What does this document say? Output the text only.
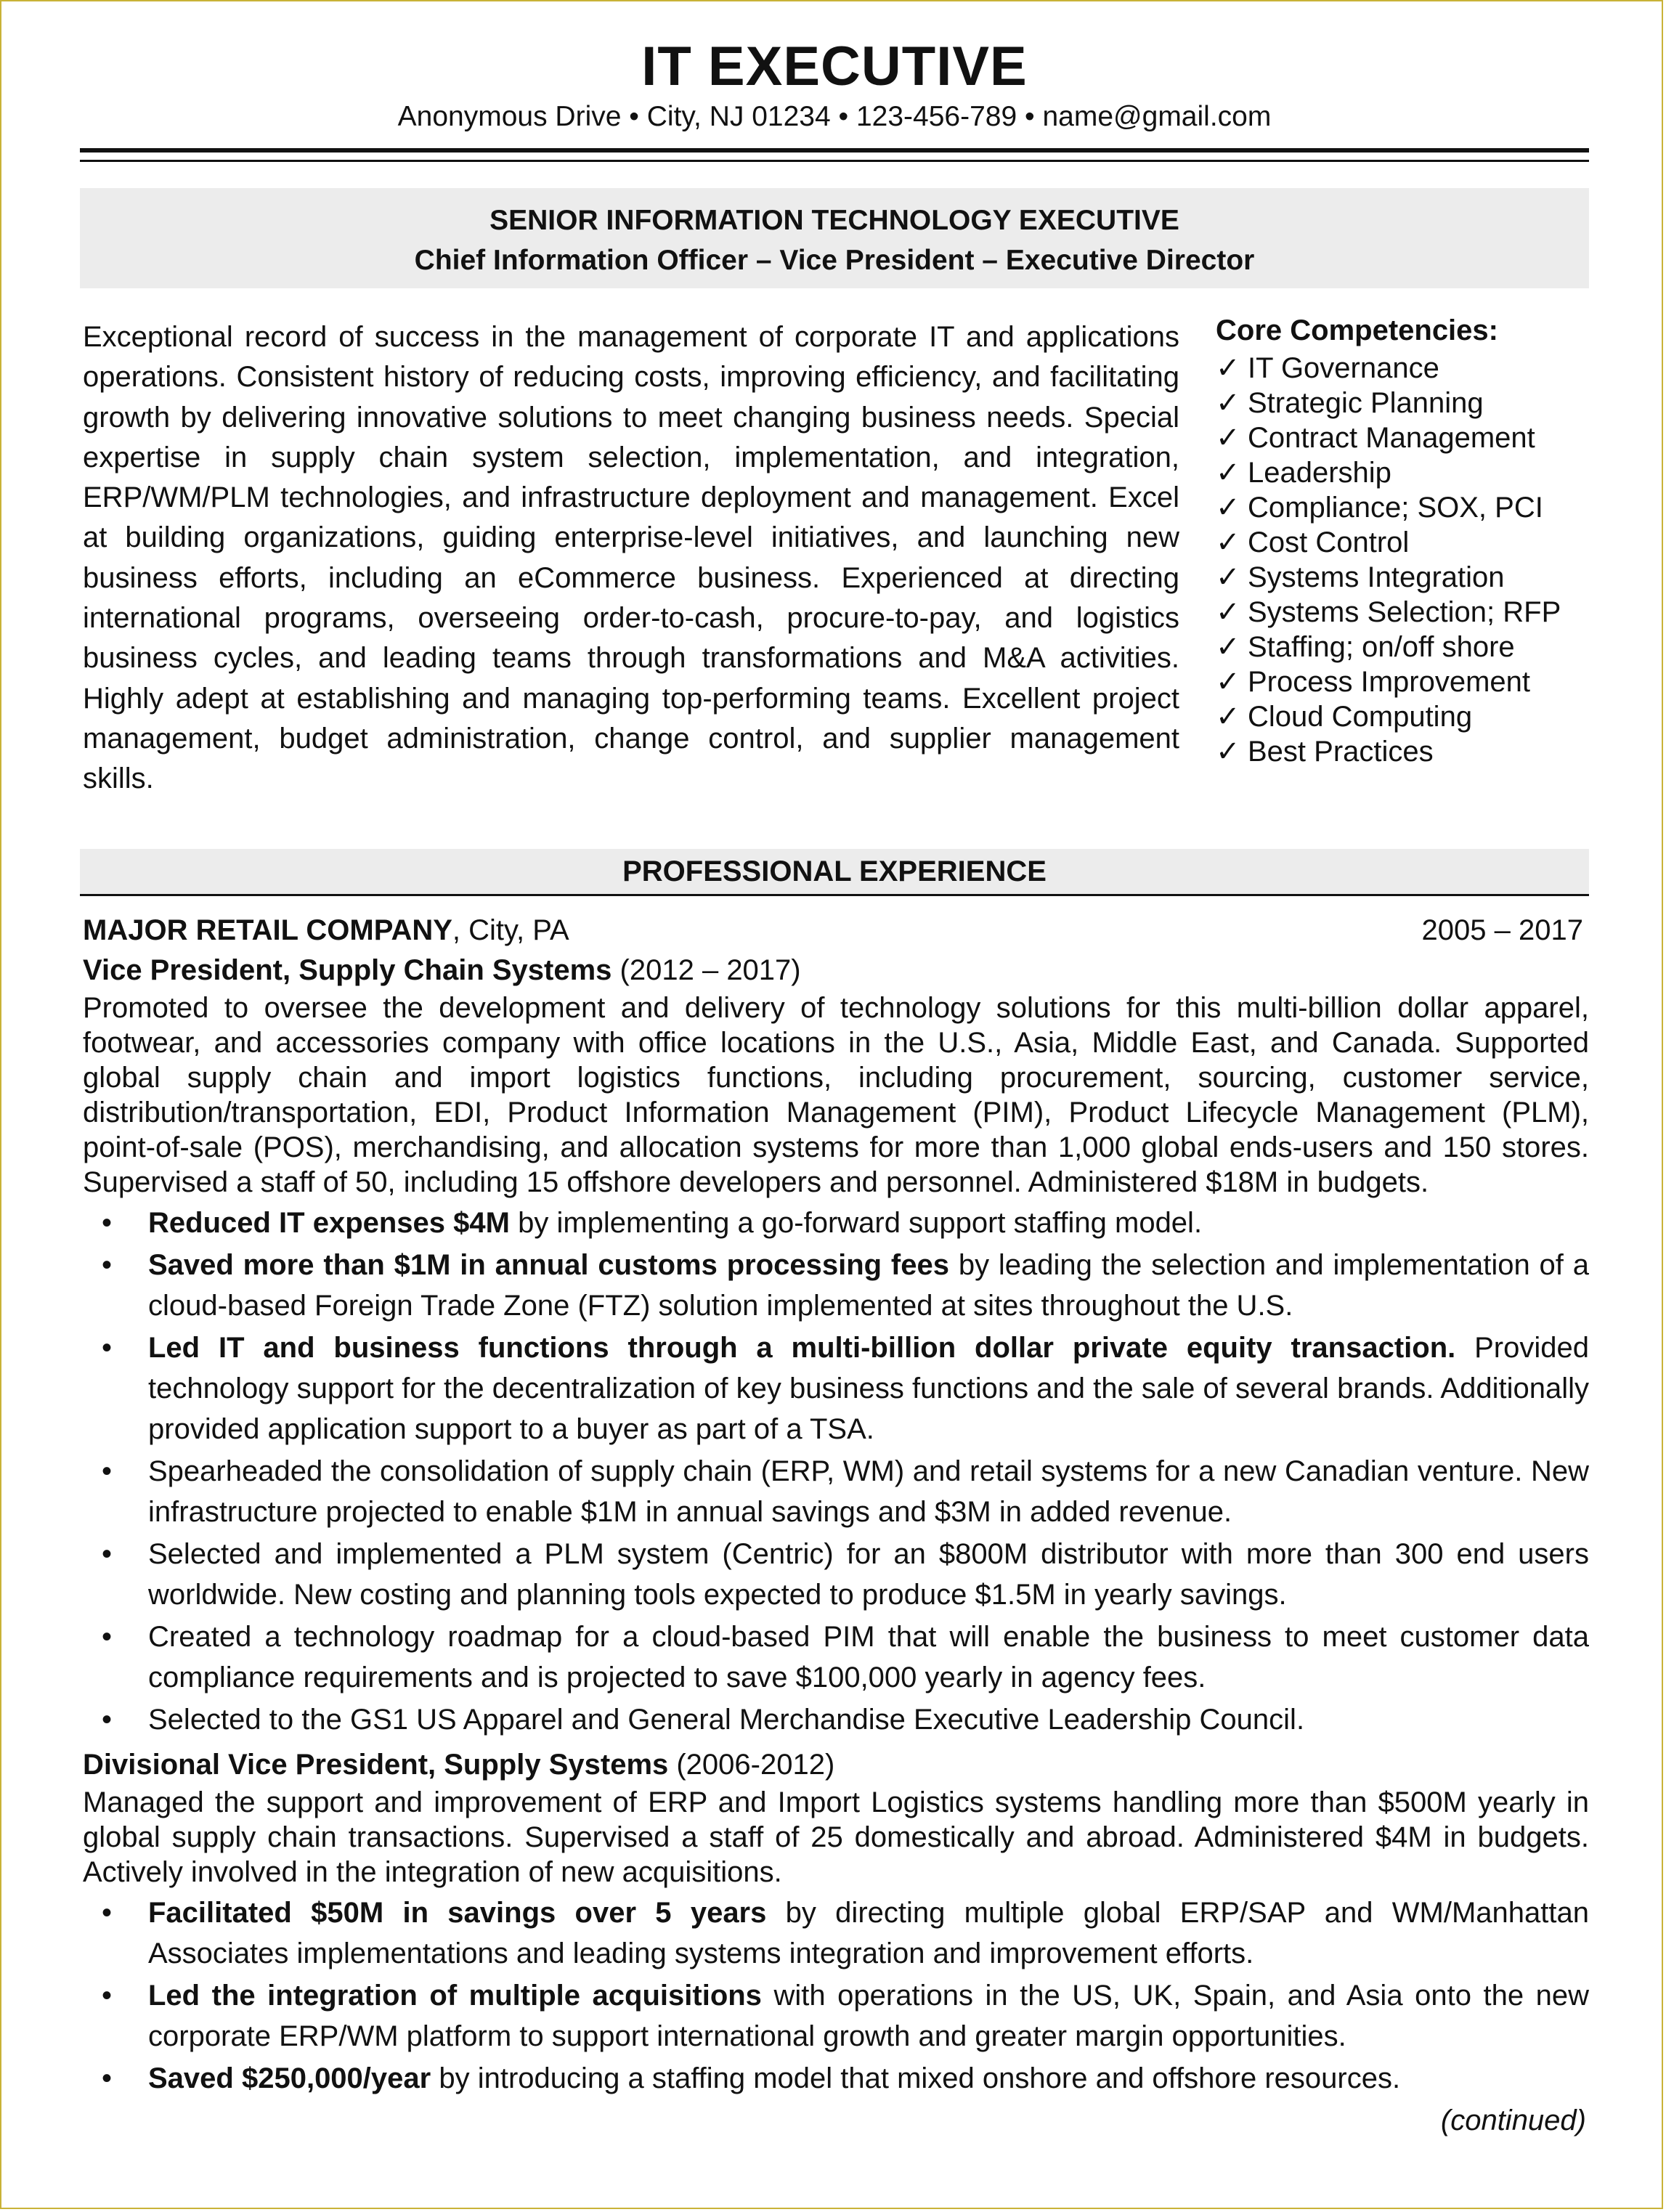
IT EXECUTIVE
Anonymous Drive • City, NJ 01234 • 123-456-789 • name@gmail.com
SENIOR INFORMATION TECHNOLOGY EXECUTIVE
Chief Information Officer – Vice President – Executive Director
Exceptional record of success in the management of corporate IT and applications operations. Consistent history of reducing costs, improving efficiency, and facilitating growth by delivering innovative solutions to meet changing business needs. Special expertise in supply chain system selection, implementation, and integration, ERP/WM/PLM technologies, and infrastructure deployment and management. Excel at building organizations, guiding enterprise-level initiatives, and launching new business efforts, including an eCommerce business. Experienced at directing international programs, overseeing order-to-cash, procure-to-pay, and logistics business cycles, and leading teams through transformations and M&A activities. Highly adept at establishing and managing top-performing teams. Excellent project management, budget administration, change control, and supplier management skills.
Core Competencies:
✓ IT Governance
✓ Strategic Planning
✓ Contract Management
✓ Leadership
✓ Compliance; SOX, PCI
✓ Cost Control
✓ Systems Integration
✓ Systems Selection; RFP
✓ Staffing; on/off shore
✓ Process Improvement
✓ Cloud Computing
✓ Best Practices
PROFESSIONAL EXPERIENCE
MAJOR RETAIL COMPANY, City, PA	2005 – 2017
Vice President, Supply Chain Systems (2012 – 2017)
Promoted to oversee the development and delivery of technology solutions for this multi-billion dollar apparel, footwear, and accessories company with office locations in the U.S., Asia, Middle East, and Canada. Supported global supply chain and import logistics functions, including procurement, sourcing, customer service, distribution/transportation, EDI, Product Information Management (PIM), Product Lifecycle Management (PLM), point-of-sale (POS), merchandising, and allocation systems for more than 1,000 global ends-users and 150 stores. Supervised a staff of 50, including 15 offshore developers and personnel. Administered $18M in budgets.
• Reduced IT expenses $4M by implementing a go-forward support staffing model.
• Saved more than $1M in annual customs processing fees by leading the selection and implementation of a cloud-based Foreign Trade Zone (FTZ) solution implemented at sites throughout the U.S.
• Led IT and business functions through a multi-billion dollar private equity transaction. Provided technology support for the decentralization of key business functions and the sale of several brands. Additionally provided application support to a buyer as part of a TSA.
• Spearheaded the consolidation of supply chain (ERP, WM) and retail systems for a new Canadian venture. New infrastructure projected to enable $1M in annual savings and $3M in added revenue.
• Selected and implemented a PLM system (Centric) for an $800M distributor with more than 300 end users worldwide. New costing and planning tools expected to produce $1.5M in yearly savings.
• Created a technology roadmap for a cloud-based PIM that will enable the business to meet customer data compliance requirements and is projected to save $100,000 yearly in agency fees.
• Selected to the GS1 US Apparel and General Merchandise Executive Leadership Council.
Divisional Vice President, Supply Systems (2006-2012)
Managed the support and improvement of ERP and Import Logistics systems handling more than $500M yearly in global supply chain transactions. Supervised a staff of 25 domestically and abroad. Administered $4M in budgets. Actively involved in the integration of new acquisitions.
• Facilitated $50M in savings over 5 years by directing multiple global ERP/SAP and WM/Manhattan Associates implementations and leading systems integration and improvement efforts.
• Led the integration of multiple acquisitions with operations in the US, UK, Spain, and Asia onto the new corporate ERP/WM platform to support international growth and greater margin opportunities.
• Saved $250,000/year by introducing a staffing model that mixed onshore and offshore resources.
(continued)
